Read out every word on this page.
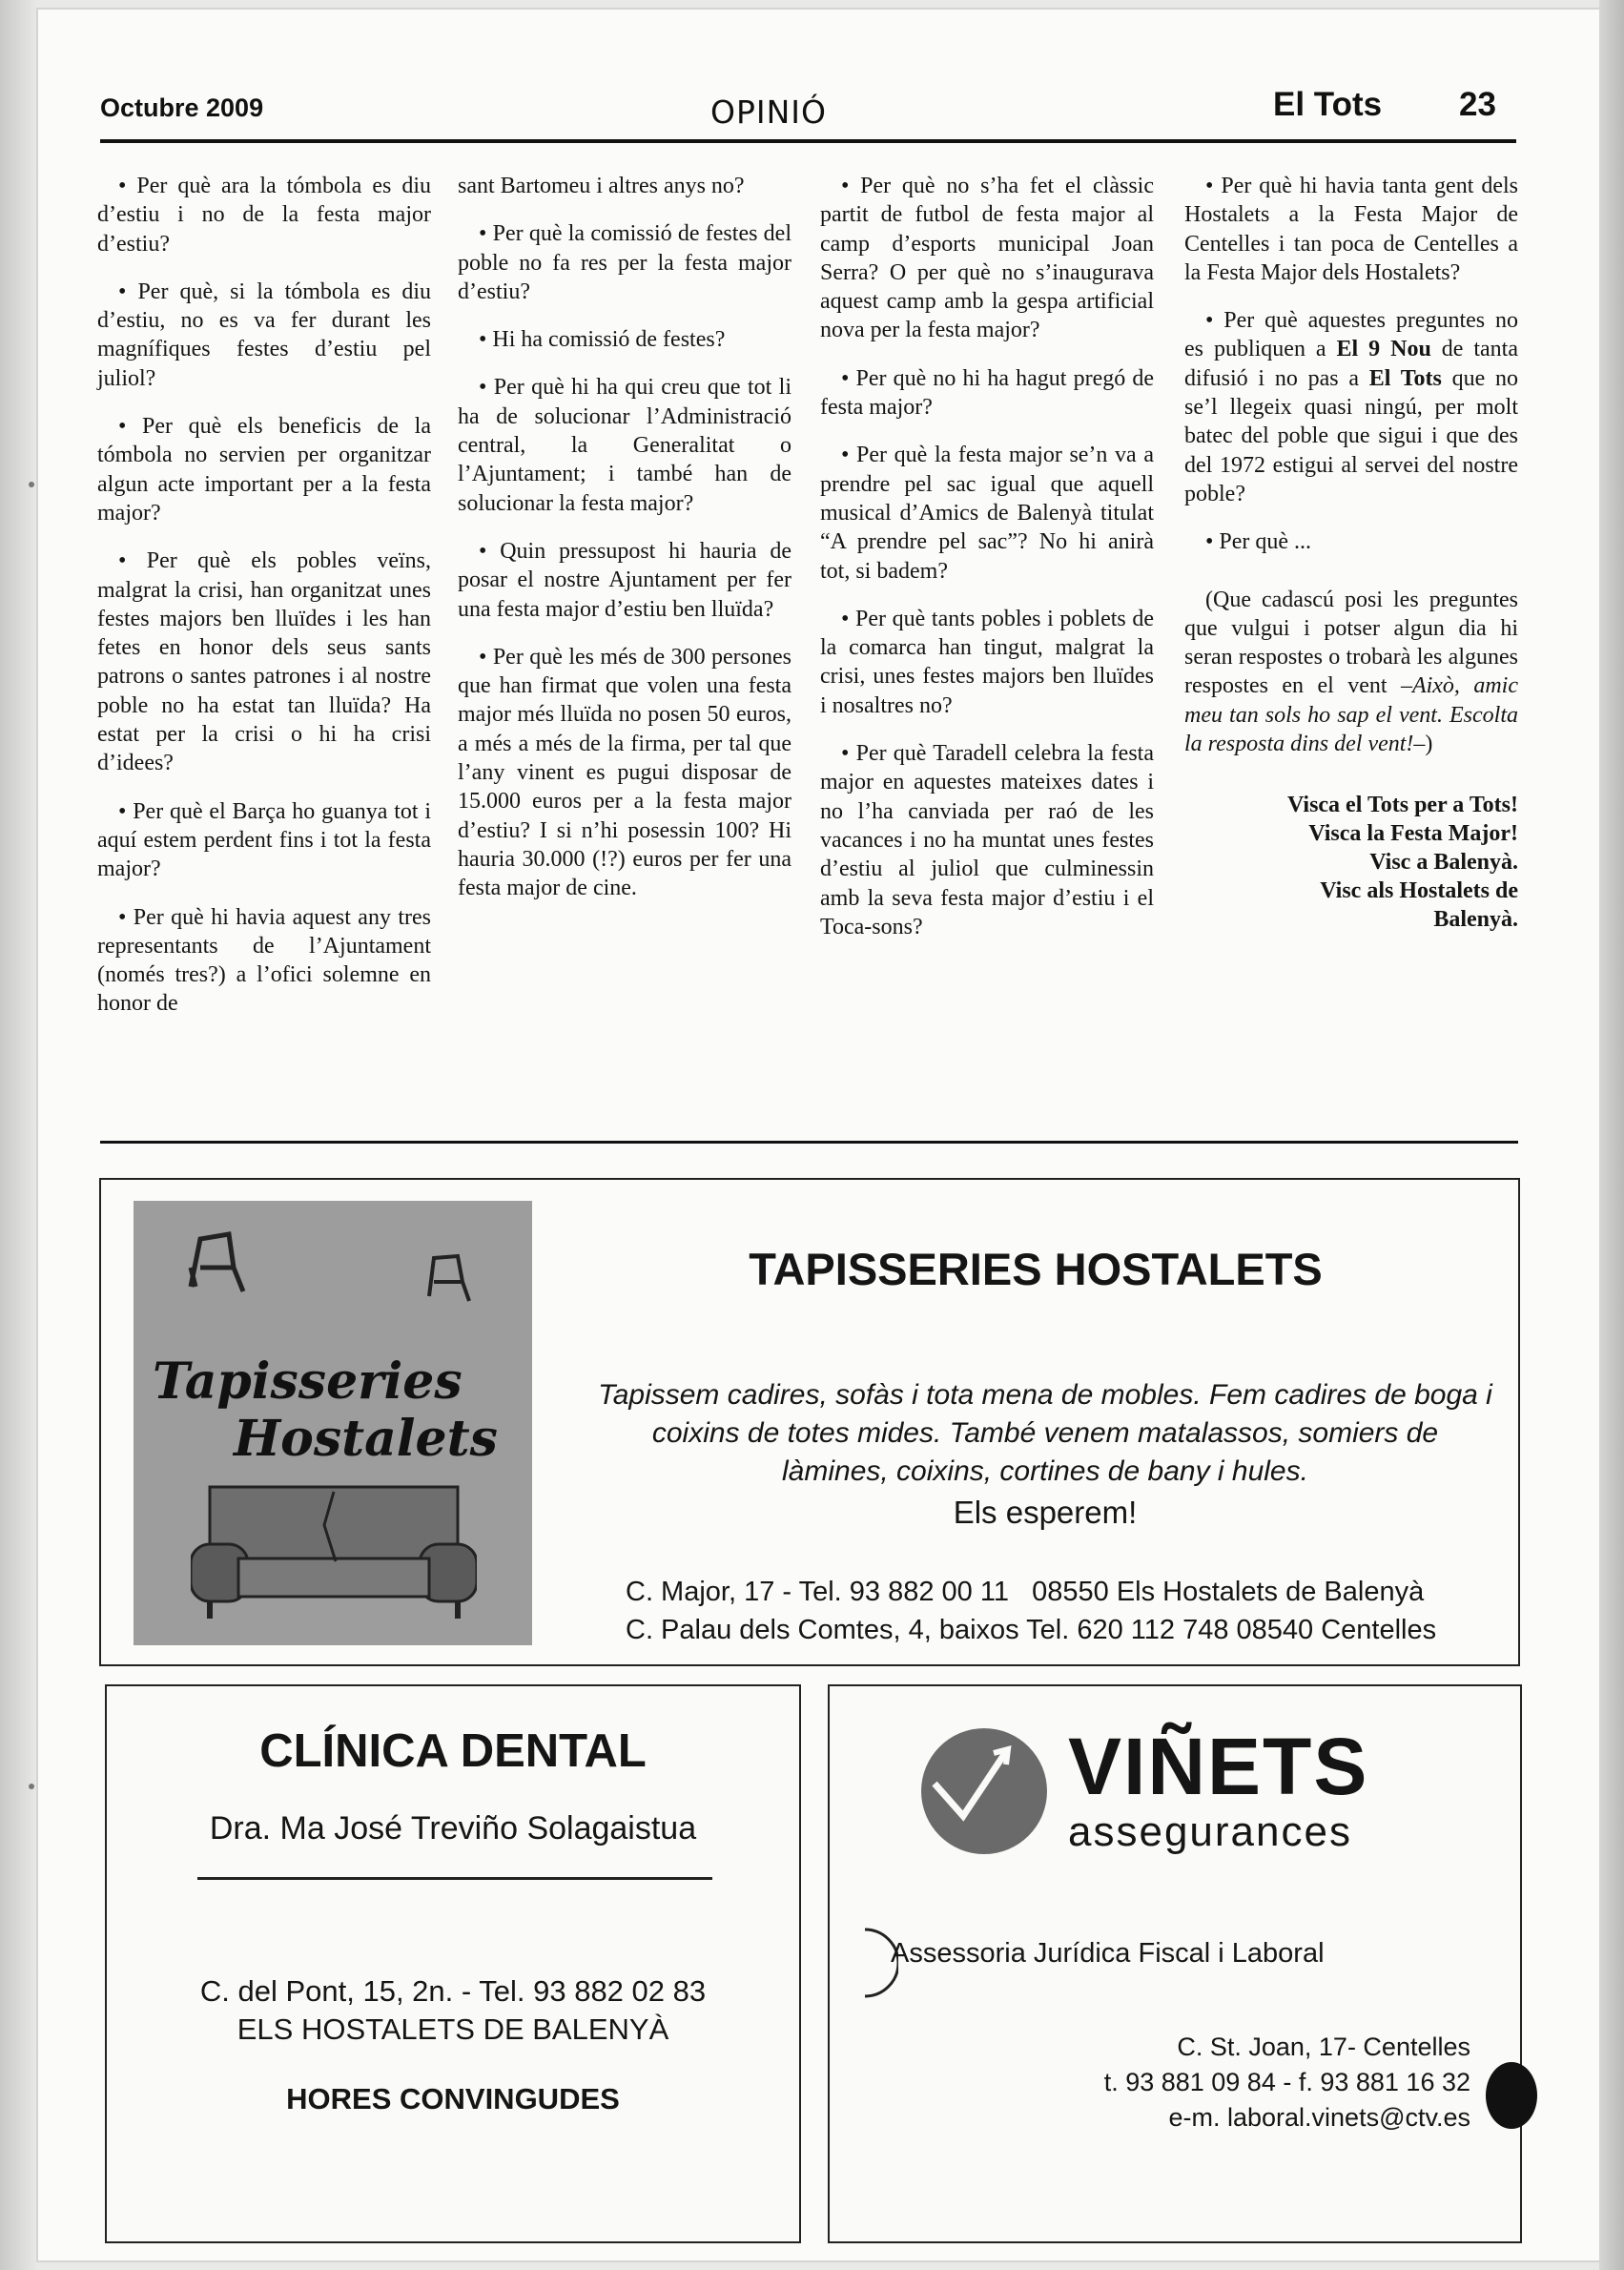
Octubre 2009	OPINIÓ	El Tots 23

• Per què ara la tómbola es diu d’estiu i no de la festa major d’estiu?

• Per què, si la tómbola es diu d’estiu, no es va fer durant les magnífiques festes d’estiu pel juliol?

• Per què els beneficis de la tómbola no servien per organitzar algun acte important per a la festa major?

• Per què els pobles veïns, malgrat la crisi, han organitzat unes festes majors ben lluïdes i les han fetes en honor dels seus sants patrons o santes patrones i al nostre poble no ha estat tan lluïda? Ha estat per la crisi o hi ha crisi d’idees?

• Per què el Barça ho guanya tot i aquí estem perdent fins i tot la festa major?

• Per què hi havia aquest any tres representants de l’Ajuntament (només tres?) a l’ofici solemne en honor de

sant Bartomeu i altres anys no?

• Per què la comissió de festes del poble no fa res per la festa major d’estiu?

• Hi ha comissió de festes?

• Per què hi ha qui creu que tot li ha de solucionar l’Administració central, la Generalitat o l’Ajuntament; i també han de solucionar la festa major?

• Quin pressupost hi hauria de posar el nostre Ajuntament per fer una festa major d’estiu ben lluïda?

• Per què les més de 300 persones que han firmat que volen una festa major més lluïda no posen 50 euros, a més a més de la firma, per tal que l’any vinent es pugui disposar de 15.000 euros per a la festa major d’estiu? I si n’hi posessin 100? Hi hauria 30.000 (!?) euros per fer una festa major de cine.

• Per què no s’ha fet el clàssic partit de futbol de festa major al camp d’esports municipal Joan Serra? O per què no s’inaugurava aquest camp amb la gespa artificial nova per la festa major?

• Per què no hi ha hagut pregó de festa major?

• Per què la festa major se’n va a prendre pel sac igual que aquell musical d’Amics de Balenyà titulat “A prendre pel sac”? No hi anirà tot, si badem?

• Per què tants pobles i poblets de la comarca han tingut, malgrat la crisi, unes festes majors ben lluïdes i nosaltres no?

• Per què Taradell celebra la festa major en aquestes mateixes dates i no l’ha canviada per raó de les vacances i no ha muntat unes festes d’estiu al juliol que culminessin amb la seva festa major d’estiu i el Toca-sons?

• Per què hi havia tanta gent dels Hostalets a la Festa Major de Centelles i tan poca de Centelles a la Festa Major dels Hostalets?

• Per què aquestes preguntes no es publiquen a El 9 Nou de tanta difusió i no pas a El Tots que no se’l llegeix quasi ningú, per molt batec del poble que sigui i que des del 1972 estigui al servei del nostre poble?

• Per què ...

(Que cadascú posi les preguntes que vulgui i potser algun dia hi seran respostes o trobarà les algunes respostes en el vent –Això, amic meu tan sols ho sap el vent. Escolta la resposta dins del vent!–)

Visca el Tots per a Tots!
Visca la Festa Major!
Visc a Balenyà.
Visc als Hostalets de
Balenyà.
Tapisseries
Hostalets
TAPISSERIES HOSTALETS
Tapissem cadires, sofàs i tota mena de mobles. Fem cadires de boga i coixins de totes mides. També venem matalassos, somiers de làmines, coixins, cortines de bany i hules.
Els esperem!
C. Major, 17 - Tel. 93 882 00 11   08550 Els Hostalets de Balenyà
C. Palau dels Comtes, 4, baixos Tel. 620 112 748 08540 Centelles
CLÍNICA DENTAL
Dra. Ma José Treviño Solagaistua
C. del Pont, 15, 2n. - Tel. 93 882 02 83
ELS HOSTALETS DE BALENYÀ
HORES CONVINGUDES
VIÑETS
assegurances
Assessoria Jurídica Fiscal i Laboral
C. St. Joan, 17- Centelles
t. 93 881 09 84 - f. 93 881 16 32
e-m. laboral.vinets@ctv.es
